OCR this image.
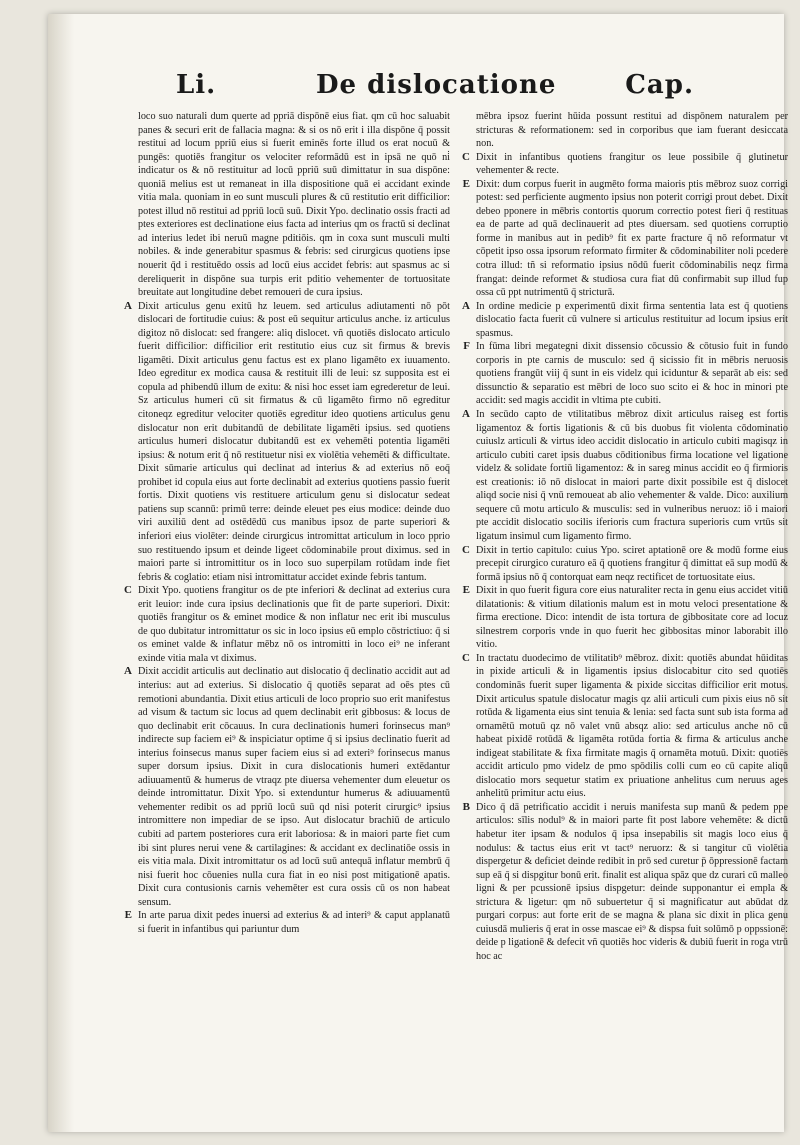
Li.	De dislocatione	Cap.

loco suo naturali dum querte ad ppriā dispōnē eius fiat. qm cū hoc saluabit panes & securi erit de fallacia magna: & si os nō erit i illa dispōne q̄ possit restitui ad locum ppriū eius si fuerit eminēs forte illud os erat nocuū & pungēs: quotiēs frangitur os velociter reformādū est in ipsā ne quō ni̇ indicatur os & nō restituitur ad locū ppriū suū dimittatur in sua dispōne: quoniā melius est ut remaneat in illa dispositione quā ei accidant exinde vitia mala. quoniam in eo sunt musculi plures & cū restitutio erit difficilior: potest illud nō restitui ad ppriū locū suū. Dixit Ypo. declinatio ossis fracti ad ptes exteriores est declinatione eius facta ad interius qm os fractū si declinat ad interius ledet ibi neruū magne pditiōis. qm in coxa sunt musculi multi nobiles. & inde generabitur spasmus & febris: sed cirurgicus quotiens ipse nouerit q̄d i restituēdo ossis ad locū eius accidet febris: aut spasmus ac si dereliquerit in dispōne sua turpis erit pditio vehementer de tortuositate breuitate aut longitudine debet remoueri de cura ipsius.

A Dixit articulus genu exitū hz leuem. sed articulus adiutamenti nō pōt dislocari de fortitudie cuius: & post eū sequitur articulus anche. iz articulus digitoz nō dislocat: sed frangere: aliq dislocet. vñ quotiēs dislocato articulo fuerit difficilior: difficilior erit restitutio eius cuz sit firmus & brevis ligamēti. Dixit articulus genu factus est ex plano ligamēto ex iuuamento. Ideo egreditur ex modica causa & restituit illi de leui: sz supposita est ei copula ad phibendū illum de exitu: & nisi hoc esset iam egrederetur de leui. Sz articulus humeri cū sit firmatus & cū ligamēto firmo nō egreditur citoneqz egreditur velociter quotiēs egreditur ideo quotiens articulus genu dislocatur non erit dubitandū de debilitate ligamēti ipsius. sed quotiens articulus humeri dislocatur dubitandū est ex vehemēti potentia ligamēti ipsius: & notum erit q̄ nō restituetur nisi ex violētia vehemēti & difficultate. Dixit sūmarie articulus qui declinat ad interius & ad exterius nō eoq̄ prohibet id copula eius aut forte declinabit ad exterius quotiens passio fuerit fortis. Dixit quotiens vis restituere articulum genu si dislocatur sedeat patiens sup scannū: primū terre: deinde eleuet pes eius modice: deinde duo viri auxiliū dent ad ostēdēdū cus manibus ipsoz de parte superiori & inferiori eius violēter: deinde cirurgicus intromittat articulum in loco pprio suo restituendo ipsum et deinde ligeet cōdominabile prout diximus. sed in maiori parte si intromittitur os in loco suo superpilam rotūdam inde fiet febris & coglatio: etiam nisi intromittatur accidet exinde febris tantum.

C Dixit Ypo. quotiens frangitur os de pte inferiori & declinat ad exterius cura erit leuior: inde cura ipsius declinationis que fit de parte superiori. Dixit: quotiēs frangitur os & eminet modice & non inflatur nec erit ibi musculus de quo dubitatur intromittatur os sic in loco ipsius eū emplo cōstrictiuo: q̄ si os eminet valde & inflatur mēbz nō os intromitti in loco ei⁹ ne inferant exinde vitia mala vt diximus.

A Dixit accidit articulis aut declinatio aut dislocatio q̄ declinatio accidit aut ad interius: aut ad exterius. Si dislocatio q̄ quotiēs separat ad oēs ptes cū remotioni abundantia. Dixit etius articuli de loco proprio suo erit manifestus ad visum & tactum sic locus ad quem declinabit erit gibbosus: & locus de quo declinabit erit cōcauus. In cura declinationis humeri forinsecus man⁹ indirecte sup faciem ei⁹ & inspiciatur optime q̄ si ipsius declinatio fuerit ad interius foinsecus manus super faciem eius si ad exteri⁹ forinsecus manus super dorsum ipsius. Dixit in cura dislocationis humeri extēdantur adiuuamentū & humerus de vtraqz pte diuersa vehementer dum eleuetur os deinde intromittatur. Dixit Ypo. si extenduntur humerus & adiuuamentū vehementer redibit os ad ppriū locū suū qd nisi poterit cirurgic⁹ ipsius intromittere non impediar de se ipso. Aut dislocatur brachiū de articulo cubiti ad partem posteriores cura erit laboriosa: & in maiori parte fiet cum ibi sint plures nerui vene & cartilagines: & accidant ex declinatiōe ossis in eis vitia mala. Dixit intromittatur os ad locū suū antequā inflatur membrū q̄ nisi fuerit hoc cōuenies nulla cura fiat in eo nisi post mitigationē apatis. Dixit cura contusionis carnis vehemēter est cura ossis cū os non habeat sensum.

E In arte parua dixit pedes inuersi ad exterius & ad interi⁹ & caput applanatū si fuerit in infantibus qui pariuntur dum

mēbra ipsoz fuerint hūida possunt restitui ad dispōnem naturalem per stricturas & reformationem: sed in corporibus que iam fuerant desiccata non.

C Dixit in infantibus quotiens frangitur os leue possibile q̄ glutinetur vehementer & recte.

E Dixit: dum corpus fuerit in augmēto forma maioris ptis mēbroz suoz corrigi potest: sed perficiente augmento ipsius non poterit corrigi prout debet. Dixit debeo pponere in mēbris contortis quorum correctio potest fieri q̄ restituas ea de parte ad quā declinauerit ad ptes diuersam. sed quotiens corruptio forme in manibus aut in pedib⁹ fit ex parte fracture q̄ nō reformatur vt cōpetit ipso ossa ipsorum reformato firmiter & cōdominabiliter noli pcedere cotra illud: tñ si reformatio ipsius nōdū fuerit cōdominabilis neqz firma frangat: deinde reformet & studiosa cura fiat dū confirmabit sup illud fup ossa cū ppt nutrimentū q̄ stricturā.

A In ordine medicie p experimentū dixit firma sententia lata est q̄ quotiens dislocatio facta fuerit cū vulnere si articulus restituitur ad locum ipsius erit spasmus.

F In fūma libri megategni dixit dissensio cōcussio & cōtusio fuit in fundo corporis in pte carnis de musculo: sed q̄ sicissio fit in mēbris neruosis quotiens frangūt viij q̄ sunt in eis videlz qui iciduntur & separāt ab eis: sed dissunctio & separatio est mēbri de loco suo scito ei & hoc in minori pte accidit: sed magis accidit in vltima pte cubiti.

A In secūdo capto de vtilitatibus mēbroz dixit articulus raiseg est fortis ligamentoz & fortis ligationis & cū bis duobus fit violenta cōdominatio cuiuslz articuli & virtus ideo accidit dislocatio in articulo cubiti magisqz in articulo cubiti caret ipsis duabus cōditionibus firma locatione vel ligatione videlz & solidate fortiū ligamentoz: & in sareg minus accidit eo q̄ firmioris est creationis: iō nō dislocat in maiori parte dixit possibile est q̄ dislocet aliqd socie nisi q̄ vnū remoueat ab alio vehementer & valde. Dico: auxilium sequere cū motu articulo & musculis: sed in vulneribus neruoz: iō i maiori pte accidit dislocatio socilis iferioris cum fractura superioris cum vrtūs sit ligatum insimul cum ligamento firmo.

C Dixit in tertio capitulo: cuius Ypo. sciret aptationē ore & modū forme eius precepit cirurgico curaturo eā q̄ quotiens frangitur q̄ dimittat eā sup modū & formā ipsius nō q̄ contorquat eam neqz rectificet de tortuositate eius.

E Dixit in quo fuerit figura core eius naturaliter recta in genu eius accidet vitiū dilatationis: & vitium dilationis malum est in motu veloci presentatione & firma erectione. Dico: intendit de ista tortura de gibbositate core ad locuz silnestrem corporis vnde in quo fuerit hec gibbositas minor laborabit illo vitio.

C In tractatu duodecimo de vtilitatib⁹ mēbroz. dixit: quotiēs abundat hūiditas in pixide articuli & in ligamentis ipsius dislocabitur cito sed quotiēs condominās fuerit super ligamenta & pixide siccitas difficilior erit motus. Dixit articulus spatule dislocatur magis qz alii articuli cum pixis eius nō sit rotūda & ligamenta eius sint tenuia & lenia: sed facta sunt sub ista forma ad ornamētū motuū qz nō valet vnū absqz alio: sed articulus anche nō cū habeat pixidē rotūdā & ligamēta rotūda fortia & firma & articulus anche indigeat stabilitate & fixa firmitate magis q̄ ornamēta motuū. Dixit: quotiēs accidit articulo pmo videlz de pmo spōdilis colli cum eo cū capite aliqū dislocatio mors sequetur statim ex priuatione anhelitus cum neruus ages anhelitū primitur actu eius.

B Dico q̄ dā petrificatio accidit i neruis manifesta sup manū & pedem ppe articulos: sīlis nodul⁹ & in maiori parte fit post labore vehemēte: & dictū habetur iter ipsam & nodulos q̄ ipsa insepabilis sit magis loco eius q̄ nodulus: & tactus eius erit vt tact⁹ neruorz: & si tangitur cū violētia dispergetur & deficiet deinde redibit in prō sed curetur p̄ ōppressionē factam sup eā q̄ si dispgitur bonū erit. finalit est aliqua spāz que dz curari cū malleo ligni & per pcussionē ipsius dispgetur: deinde supponantur ei empla & strictura & ligetur: qm nō subuertetur q̄ si magnificatur aut abūdat dz purgari corpus: aut forte erit de se magna & plana sic dixit in plica genu cuiusdā mulieris q̄ erat in osse mascae ei⁹ & dispsa fuit solūmō p oppssionē: deide p ligationē & defecit vñ quotiēs hoc videris & dubiū fuerit in roga vtrū hoc ac
